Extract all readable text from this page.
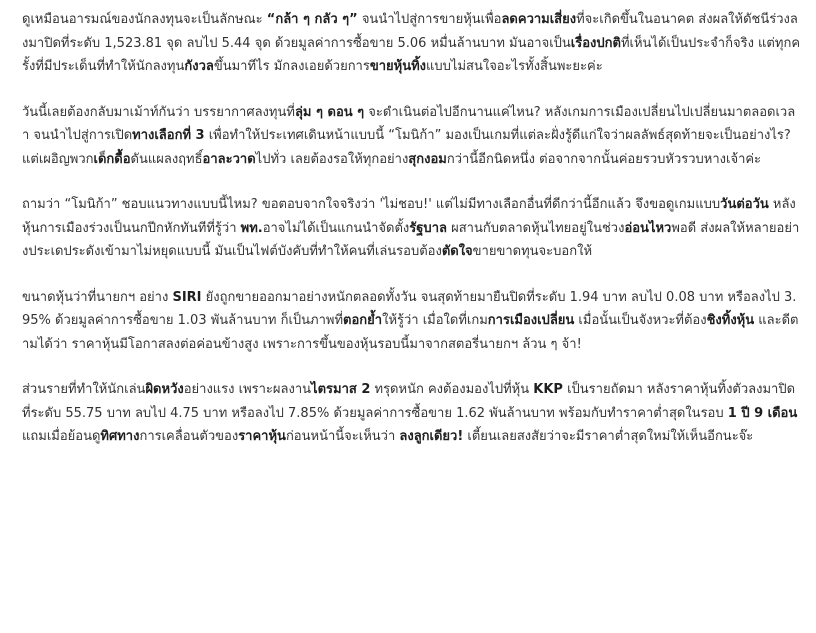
ดูเหมือนอารมณ์ของนักลงทุนจะเป็นลักษณะ “กล้า ๆ กลัว ๆ” จนนำไปสู่การขายหุ้นเพื่อลดความเสี่ยงที่จะเกิดขึ้นในอนาคต ส่งผลให้ดัชนีร่วงลงมาปิดที่ระดับ 1,523.81 จุด ลบไป 5.44 จุด ด้วยมูลค่าการซื้อขาย 5.06 หมื่นล้านบาท มันอาจเป็นเรื่องปกติที่เห็นได้เป็นประจำก็จริง แต่ทุกครั้งที่มีประเด็นที่ทำให้นักลงทุนกังวลขึ้นมาทีไร มักลงเอยด้วยการขายหุ้นทิ้งแบบไม่สนใจอะไรทั้งสิ้นพะยะค่ะ

วันนี้เลยต้องกลับมาเม้าท์กันว่า บรรยากาศลงทุนที่ลุ่ม ๆ ดอน ๆ จะดำเนินต่อไปอีกนานแค่ไหน? หลังเกมการเมืองเปลี่ยนไปเปลี่ยนมาตลอดเวลา จนนำไปสู่การเปิดทางเลือกที่ 3 เพื่อทำให้ประเทศเดินหน้าแบบนี้ “โมนิก้า” มองเป็นเกมที่แต่ละฝั่งรู้ดีแก่ใจว่าผลลัพธ์สุดท้ายจะเป็นอย่างไร? แต่เผอิญพวกเด็กดื้อดันแผลงฤทธิ์อาละวาดไปทั่ว เลยต้องรอให้ทุกอย่างสุกงอมกว่านี้อีกนิดหนึ่ง ต่อจากจากนั้นค่อยรวบหัวรวบหางเจ้าค่ะ

ถามว่า “โมนิก้า” ชอบแนวทางแบบนี้ไหม? ขอตอบจากใจจริงว่า 'ไม่ชอบ!' แต่ไม่มีทางเลือกอื่นที่ดีกว่านี้อีกแล้ว จึงขอดูเกมแบบวันต่อวัน หลังหุ้นการเมืองร่วงเป็นนกปีกหักทันทีที่รู้ว่า พท.อาจไม่ได้เป็นแกนนำจัดตั้งรัฐบาล ผสานกับตลาดหุ้นไทยอยู่ในช่วงอ่อนไหวพอดี ส่งผลให้หลายอย่างประเดประดังเข้ามาไม่หยุดแบบนี้ มันเป็นไฟต์บังคับที่ทำให้คนที่เล่นรอบต้องตัดใจขายขาดทุนจะบอกให้

ขนาดหุ้นว่าที่นายกฯ อย่าง SIRI ยังถูกขายออกมาอย่างหนักตลอดทั้งวัน จนสุดท้ายมายืนปิดที่ระดับ 1.94 บาท ลบไป 0.08 บาท หรือลงไป 3.95% ด้วยมูลค่าการซื้อขาย 1.03 พันล้านบาท ก็เป็นภาพที่ตอกย้ำให้รู้ว่า เมื่อใดที่เกมการเมืองเปลี่ยน เมื่อนั้นเป็นจังหวะที่ต้องชิงทิ้งหุ้น และดีตามได้ว่า ราคาหุ้นมีโอกาสลงต่อค่อนข้างสูง เพราะการขึ้นของหุ้นรอบนี้มาจากสตอรี่นายกฯ ล้วน ๆ จ้า!

ส่วนรายที่ทำให้นักเล่นผิดหวังอย่างแรง เพราะผลงานไตรมาส 2 ทรุดหนัก คงต้องมองไปที่หุ้น KKP เป็นรายถัดมา หลังราคาหุ้นทิ้งตัวลงมาปิดที่ระดับ 55.75 บาท ลบไป 4.75 บาท หรือลงไป 7.85% ด้วยมูลค่าการซื้อขาย 1.62 พันล้านบาท พร้อมกับทำราคาต่ำสุดในรอบ 1 ปี 9 เดือน แถมเมื่อย้อนดูทิศทางการเคลื่อนตัวของราคาหุ้นก่อนหน้านี้จะเห็นว่า ลงลูกเดียว! เตี้ยนเลยสงสัยว่าจะมีราคาต่ำสุดใหม่ให้เห็นอีกนะจ๊ะ
